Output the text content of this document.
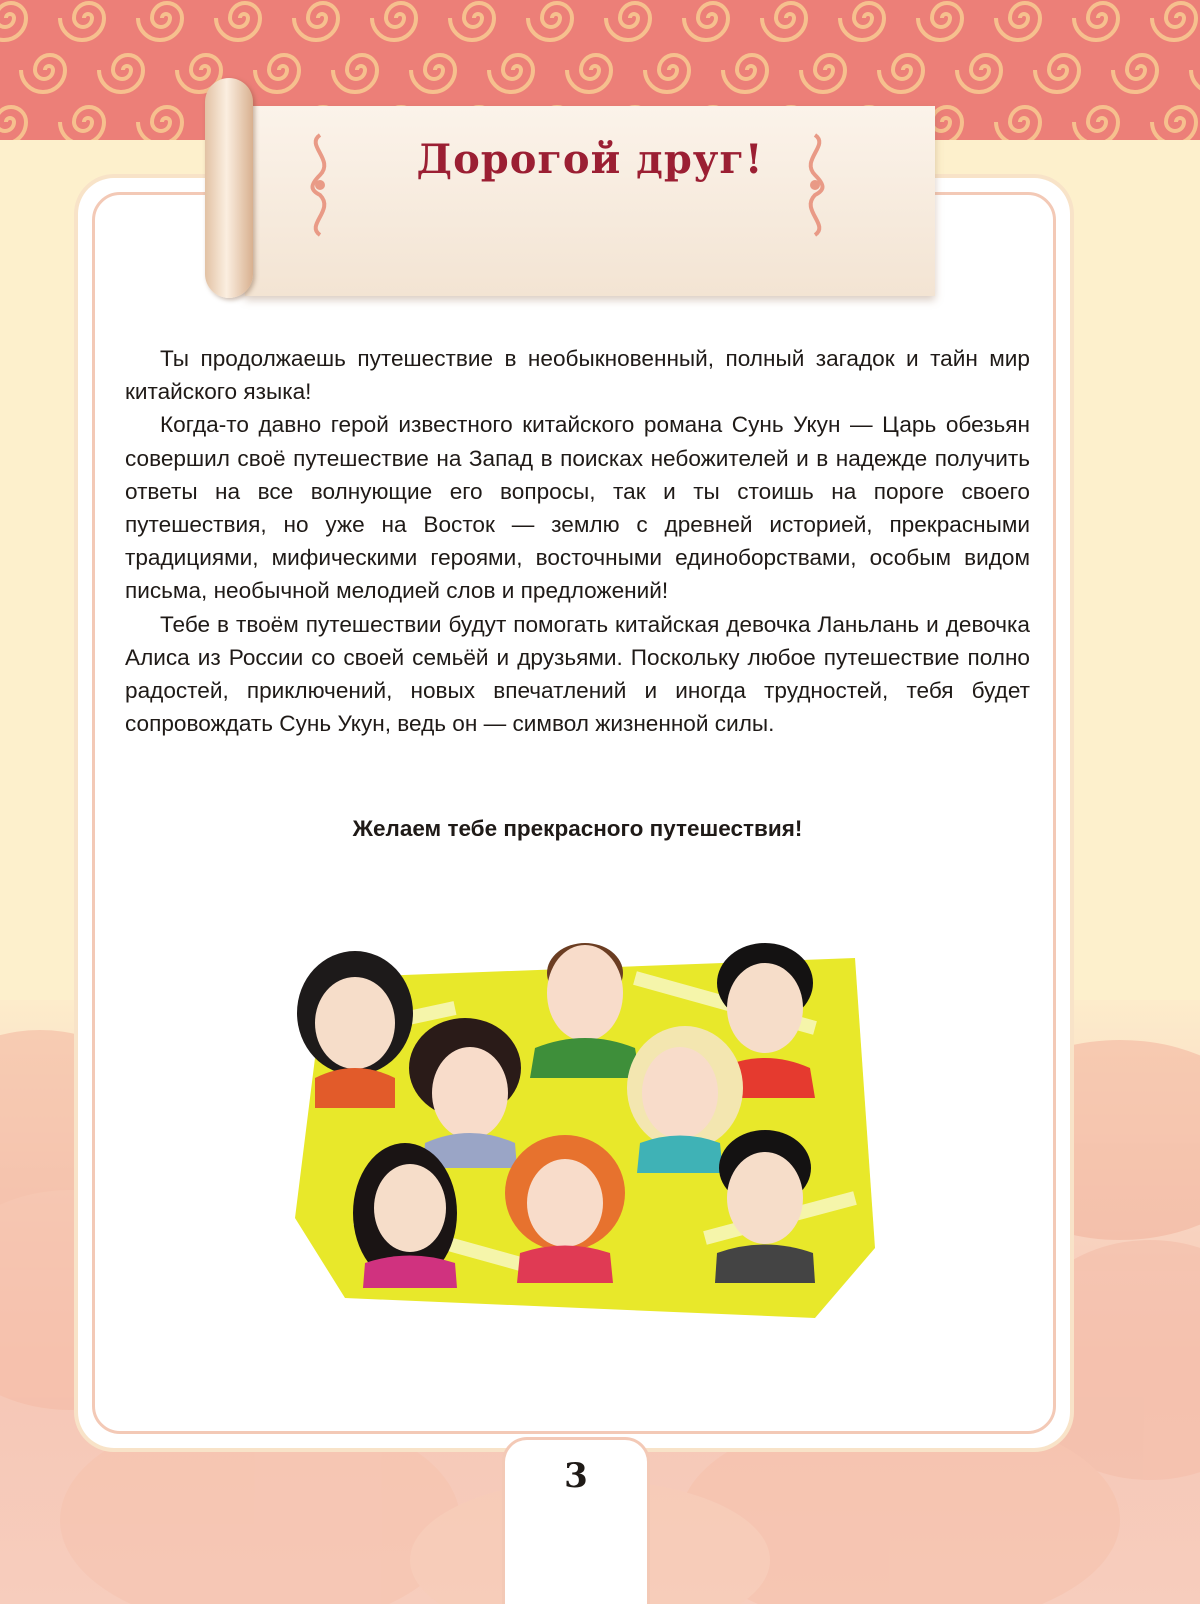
Дорогой друг!

Ты продолжаешь путешествие в необыкновенный, полный загадок и тайн мир китайского языка!

Когда-то давно герой известного китайского романа Сунь Укун — Царь обезьян совершил своё путешествие на Запад в поисках небожителей и в надежде получить ответы на все волнующие его вопросы, так и ты стоишь на пороге своего путешествия, но уже на Восток — землю с древней историей, прекрасными традициями, мифическими героями, восточными единоборствами, особым видом письма, необычной мелодией слов и предложений!

Тебе в твоём путешествии будут помогать китайская девочка Ланьлань и девочка Алиса из России со своей семьёй и друзьями. Поскольку любое путешествие полно радостей, приключений, новых впечатлений и иногда трудностей, тебя будет сопровождать Сунь Укун, ведь он — символ жизненной силы.

Желаем тебе прекрасного путешествия!
3
